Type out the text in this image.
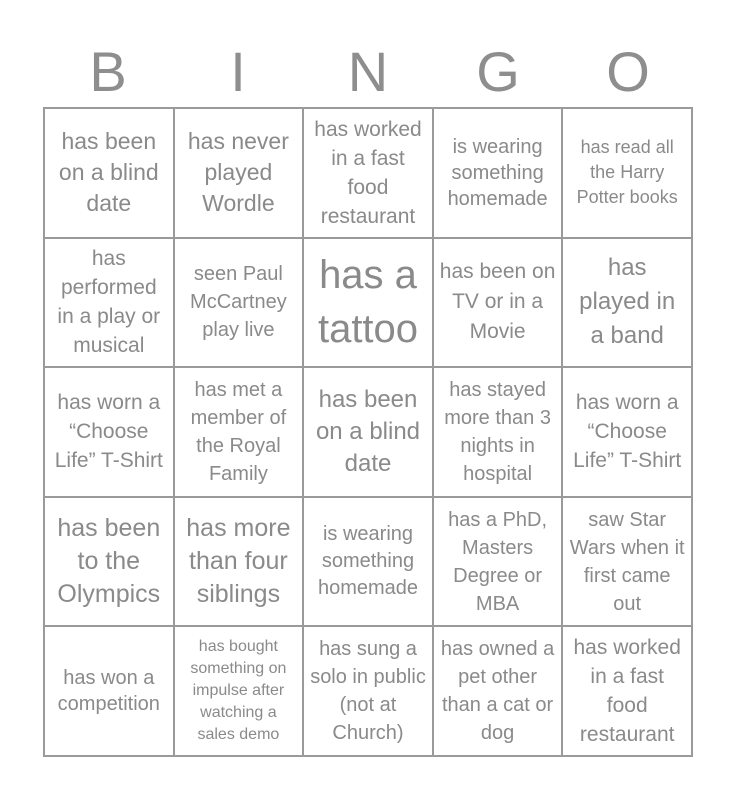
B	I	N	G	O
has been on a blind date
has never played Wordle
has worked in a fast food restaurant
is wearing something homemade
has read all the Harry Potter books
has performed in a play or musical
seen Paul McCartney play live
has a tattoo
has been on TV or in a Movie
has played in a band
has worn a “Choose Life” T-Shirt
has met a member of the Royal Family
has been on a blind date
has stayed more than 3 nights in hospital
has worn a “Choose Life” T-Shirt
has been to the Olympics
has more than four siblings
is wearing something homemade
has a PhD, Masters Degree or MBA
saw Star Wars when it first came out
has won a competition
has bought something on impulse after watching a sales demo
has sung a solo in public (not at Church)
has owned a pet other than a cat or dog
has worked in a fast food restaurant
